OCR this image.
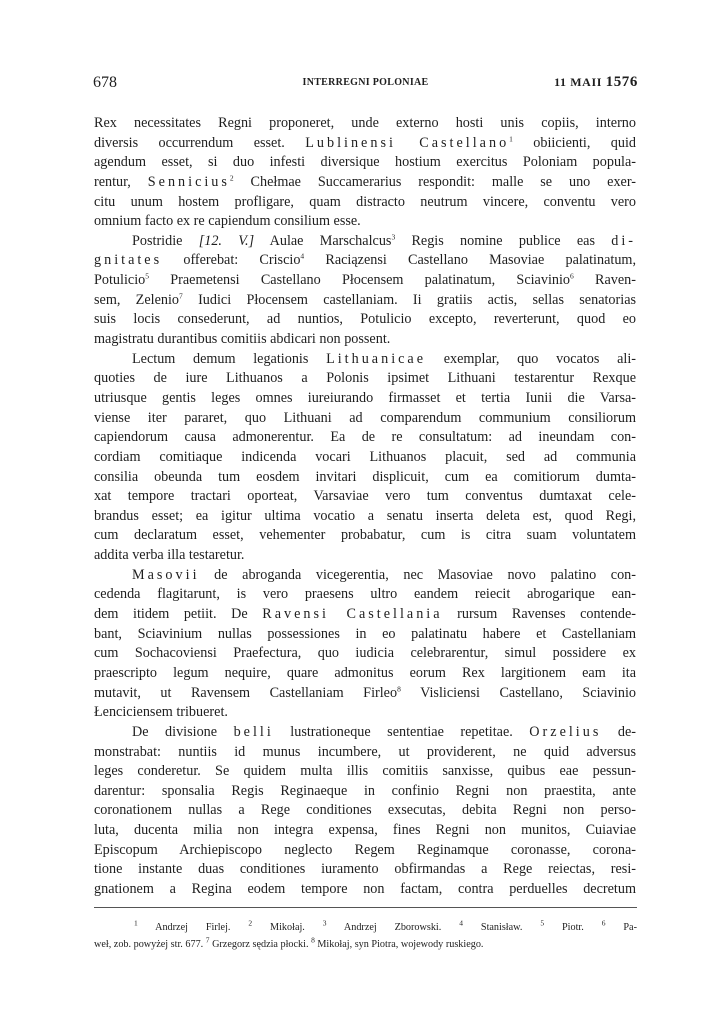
678	INTERREGNI POLONIAE	11 MAII 1576
Rex necessitates Regni proponeret, unde externo hosti unis copiis, interno
diversis occurrendum esset. Lublinensi Castellano$^1$ obiicienti, quid
agendum esset, si duo infesti diversique hostium exercitus Poloniam popula-
rentur, Sennicius$^2$ Chełmae Succamerarius respondit: malle se uno exer-
citu unum hostem profligare, quam distracto neutrum vincere, conventu vero
omnium facto ex re capiendum consilium esse.
Postridie [12. V.] Aulae Marschalcus$^3$ Regis nomine publice eas di-
gnitates offerebat: Criscio$^4$ Raciązensi Castellano Masoviae palatinatum,
Potulicio$^5$ Praemetensi Castellano Płocensem palatinatum, Sciavinio$^6$ Raven-
sem, Zelenio$^7$ Iudici Płocensem castellaniam. Ii gratiis actis, sellas senatorias
suis locis consederunt, ad nuntios, Potulicio excepto, reverterunt, quod eo
magistratu durantibus comitiis abdicari non possent.
Lectum demum legationis Lithuanicae exemplar, quo vocatos ali-
quoties de iure Lithuanos a Polonis ipsimet Lithuani testarentur Rexque
utriusque gentis leges omnes iureiurando firmasset et tertia Iunii die Varsa-
viense iter pararet, quo Lithuani ad comparendum communium consiliorum
capiendorum causa admonerentur. Ea de re consultatum: ad ineundam con-
cordiam comitiaque indicenda vocari Lithuanos placuit, sed ad communia
consilia obeunda tum eosdem invitari displicuit, cum ea comitiorum dumta-
xat tempore tractari oporteat, Varsaviae vero tum conventus dumtaxat cele-
brandus esset; ea igitur ultima vocatio a senatu inserta deleta est, quod Regi,
cum declaratum esset, vehementer probabatur, cum is citra suam voluntatem
addita verba illa testaretur.
Masovii de abroganda vicegerentia, nec Masoviae novo palatino con-
cedenda flagitarunt, is vero praesens ultro eandem reiecit abrogarique ean-
dem itidem petiit. De Ravensi Castellania rursum Ravenses contende-
bant, Sciavinium nullas possessiones in eo palatinatu habere et Castellaniam
cum Sochacoviensi Praefectura, quo iudicia celebrarentur, simul possidere ex
praescripto legum nequire, quare admonitus eorum Rex largitionem eam ita
mutavit, ut Ravensem Castellaniam Firleo$^8$ Visliciensi Castellano, Sciavinio
Łenciciensem tribueret.
De divisione belli lustrationeque sententiae repetitae. Orzelius de-
monstrabat: nuntiis id munus incumbere, ut providerent, ne quid adversus
leges conderetur. Se quidem multa illis comitiis sanxisse, quibus eae pessun-
darentur: sponsalia Regis Reginaeque in confinio Regni non praestita, ante
coronationem nullas a Rege conditiones exsecutas, debita Regni non perso-
luta, ducenta milia non integra expensa, fines Regni non munitos, Cuiaviae
Episcopum Archiepiscopo neglecto Regem Reginamque coronasse, corona-
tione instante duas conditiones iuramento obfirmandas a Rege reiectas, resi-
gnationem a Regina eodem tempore non factam, contra perduelles decretum
$^1$ Andrzej Firlej. $^2$ Mikołaj. $^3$ Andrzej Zborowski. $^4$ Stanisław. $^5$ Piotr. $^6$ Pa-
weł, zob. powyżej str. 677. $^7$ Grzegorz sędzia płocki. $^8$ Mikołaj, syn Piotra, wojewody ruskiego.
